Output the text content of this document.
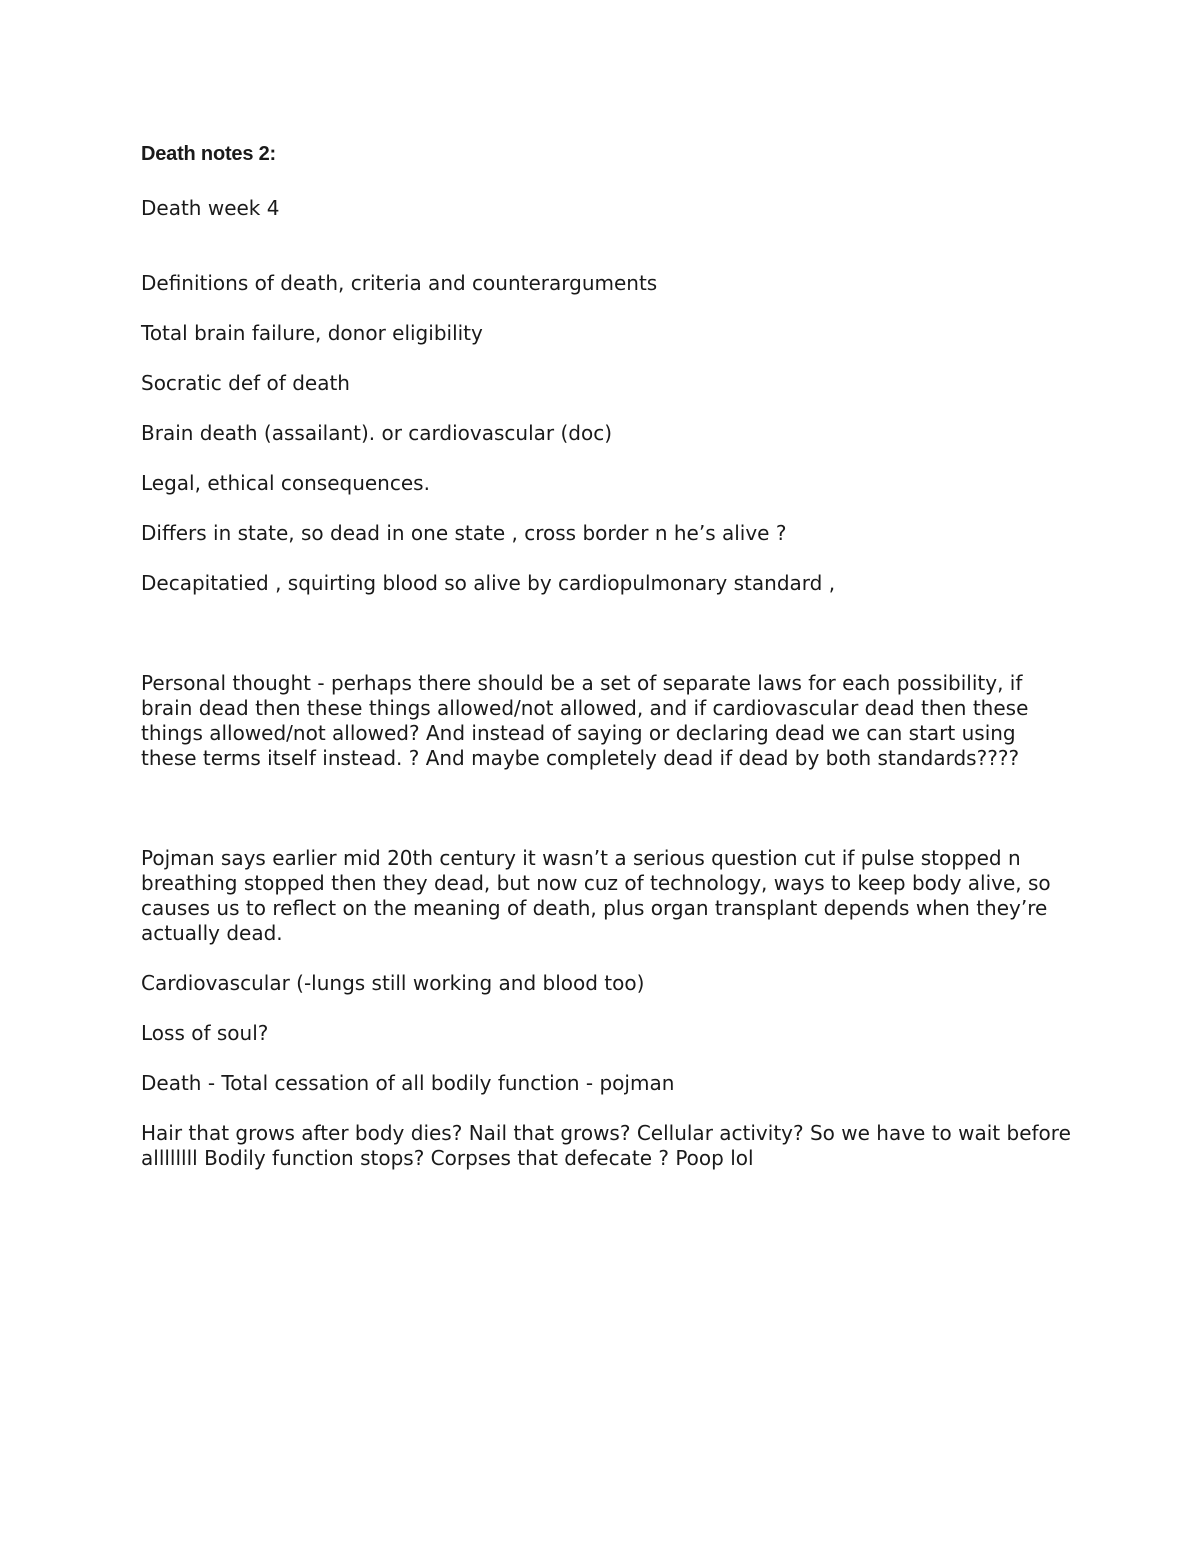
Death notes 2:

Death week 4

Definitions of death, criteria and counterarguments

Total brain failure, donor eligibility

Socratic def of death

Brain death (assailant). or cardiovascular (doc)

Legal, ethical consequences.

Differs in state, so dead in one state , cross border n he’s alive ?

Decapitatied , squirting blood so alive by cardiopulmonary standard ,

Personal thought - perhaps there should be a set of separate laws for each possibility, if brain dead then these things allowed/not allowed, and if cardiovascular dead then these things allowed/not allowed? And instead of saying or declaring dead we can start using these terms itself instead. ? And maybe completely dead if dead by both standards????

Pojman says earlier mid 20th century it wasn’t a serious question cut if pulse stopped n breathing stopped then they dead, but now cuz of technology, ways to keep body alive, so causes us to reflect on the meaning of death, plus organ transplant depends when they’re actually dead.

Cardiovascular (-lungs still working and blood too)

Loss of soul?

Death - Total cessation of all bodily function - pojman

Hair that grows after body dies? Nail that grows? Cellular activity? So we have to wait before allllllll Bodily function stops? Corpses that defecate ? Poop lol
